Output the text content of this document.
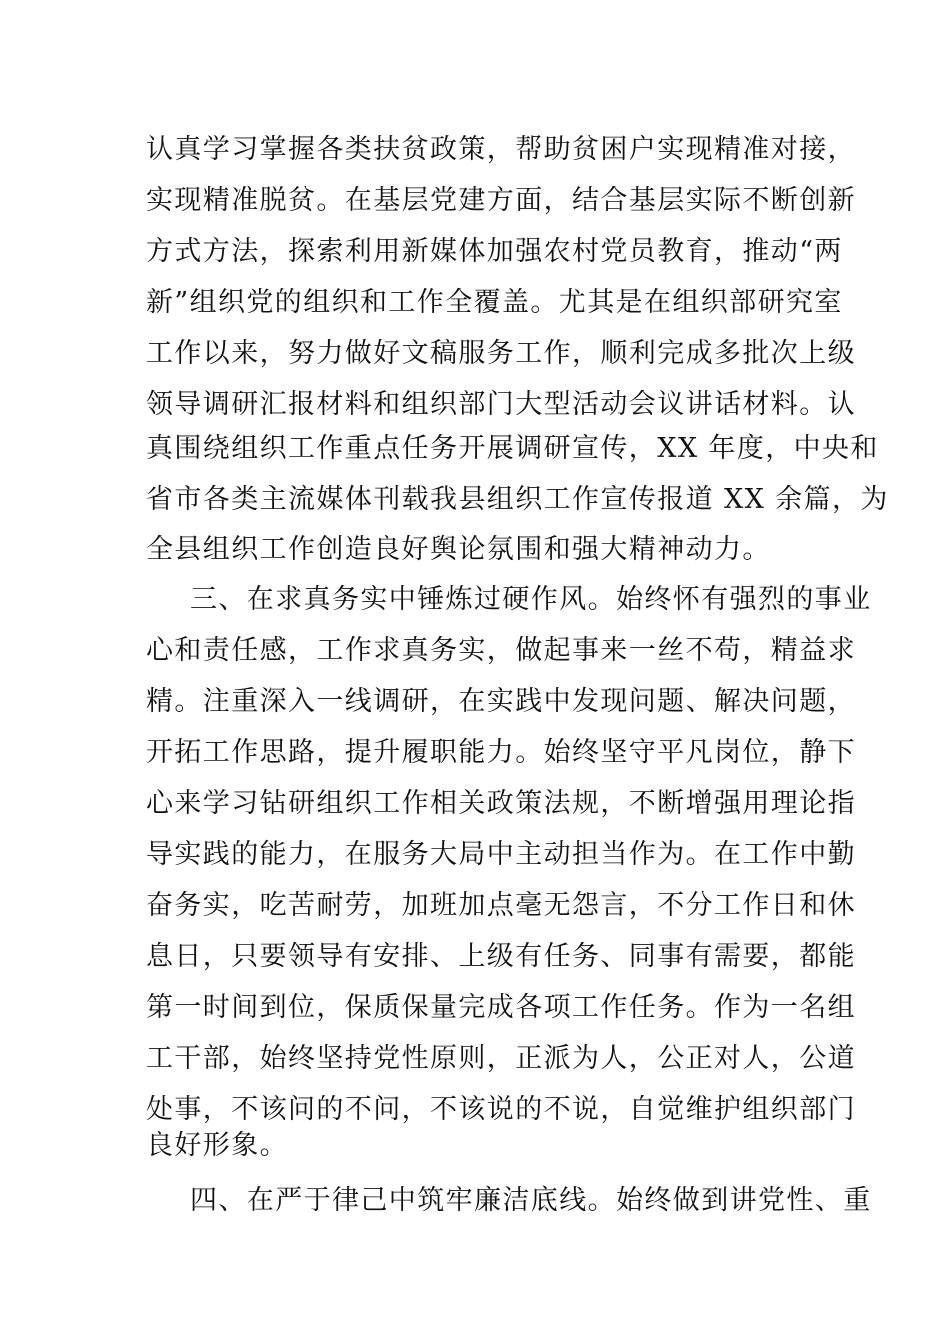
认真学习掌握各类扶贫政策，帮助贫困户实现精准对接，
实现精准脱贫。在基层党建方面，结合基层实际不断创新
方式方法，探索利用新媒体加强农村党员教育，推动“两
新”组织党的组织和工作全覆盖。尤其是在组织部研究室
工作以来，努力做好文稿服务工作，顺利完成多批次上级
领导调研汇报材料和组织部门大型活动会议讲话材料。认
真围绕组织工作重点任务开展调研宣传，XX 年度，中央和
省市各类主流媒体刊载我县组织工作宣传报道 XX 余篇，为
全县组织工作创造良好舆论氛围和强大精神动力。
三、在求真务实中锤炼过硬作风。始终怀有强烈的事业
心和责任感，工作求真务实，做起事来一丝不苟，精益求
精。注重深入一线调研，在实践中发现问题、解决问题，
开拓工作思路，提升履职能力。始终坚守平凡岗位，静下
心来学习钻研组织工作相关政策法规，不断增强用理论指
导实践的能力，在服务大局中主动担当作为。在工作中勤
奋务实，吃苦耐劳，加班加点毫无怨言，不分工作日和休
息日，只要领导有安排、上级有任务、同事有需要，都能
第一时间到位，保质保量完成各项工作任务。作为一名组
工干部，始终坚持党性原则，正派为人，公正对人，公道
处事，不该问的不问，不该说的不说，自觉维护组织部门
良好形象。
四、在严于律己中筑牢廉洁底线。始终做到讲党性、重
